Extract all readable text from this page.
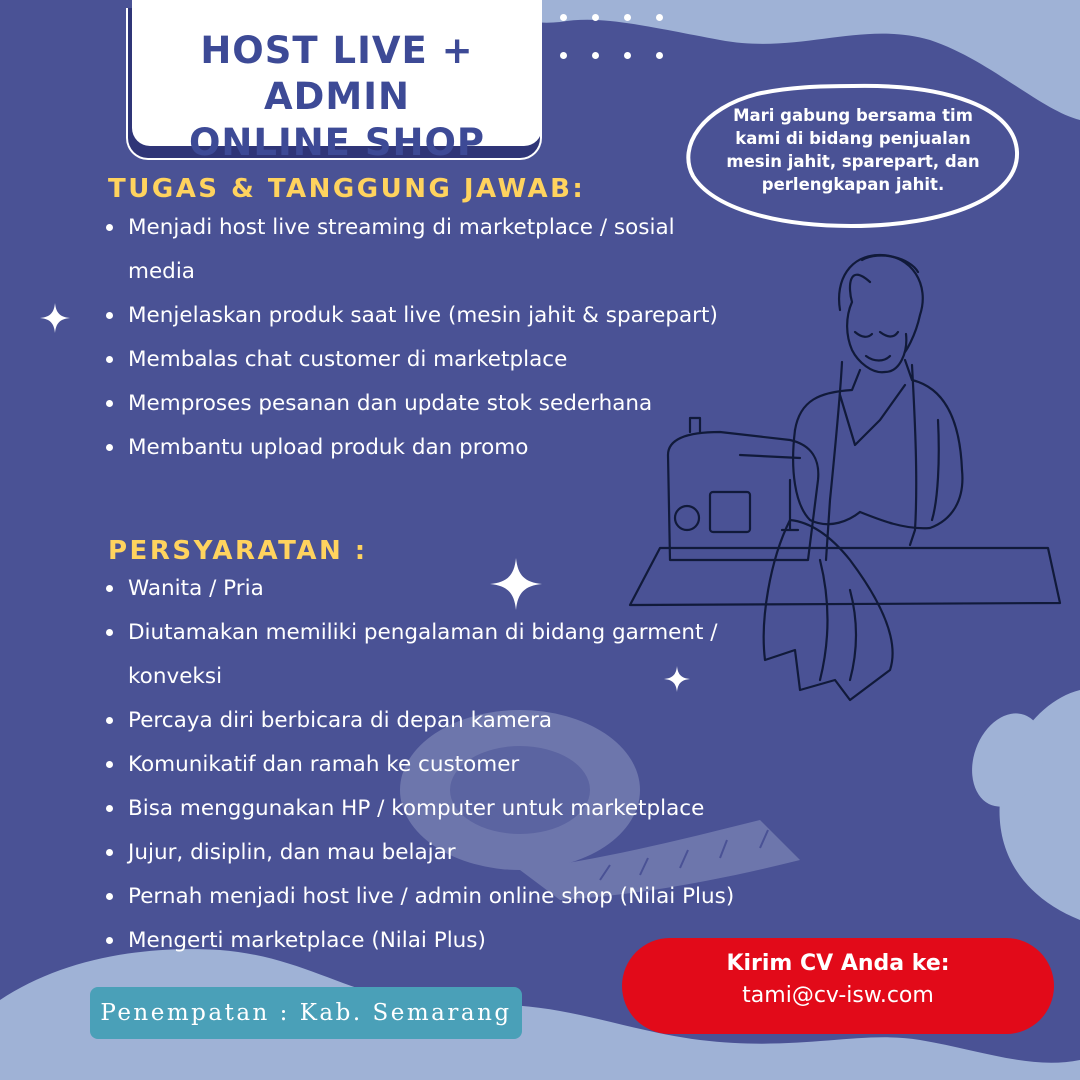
HOST LIVE + ADMIN
ONLINE SHOP
Mari gabung bersama tim kami di bidang penjualan mesin jahit, sparepart, dan perlengkapan jahit.
TUGAS & TANGGUNG JAWAB:
Menjadi host live streaming di marketplace / sosial media
Menjelaskan produk saat live (mesin jahit & sparepart)
Membalas chat customer di marketplace
Memproses pesanan dan update stok sederhana
Membantu upload produk dan promo
PERSYARATAN :
Wanita / Pria
Diutamakan memiliki pengalaman di bidang garment / konveksi
Percaya diri berbicara di depan kamera
Komunikatif dan ramah ke customer
Bisa menggunakan HP / komputer untuk marketplace
Jujur, disiplin, dan mau belajar
Pernah menjadi host live / admin online shop (Nilai Plus)
Mengerti marketplace (Nilai Plus)
Penempatan : Kab. Semarang
Kirim CV Anda ke:
tami@cv-isw.com
